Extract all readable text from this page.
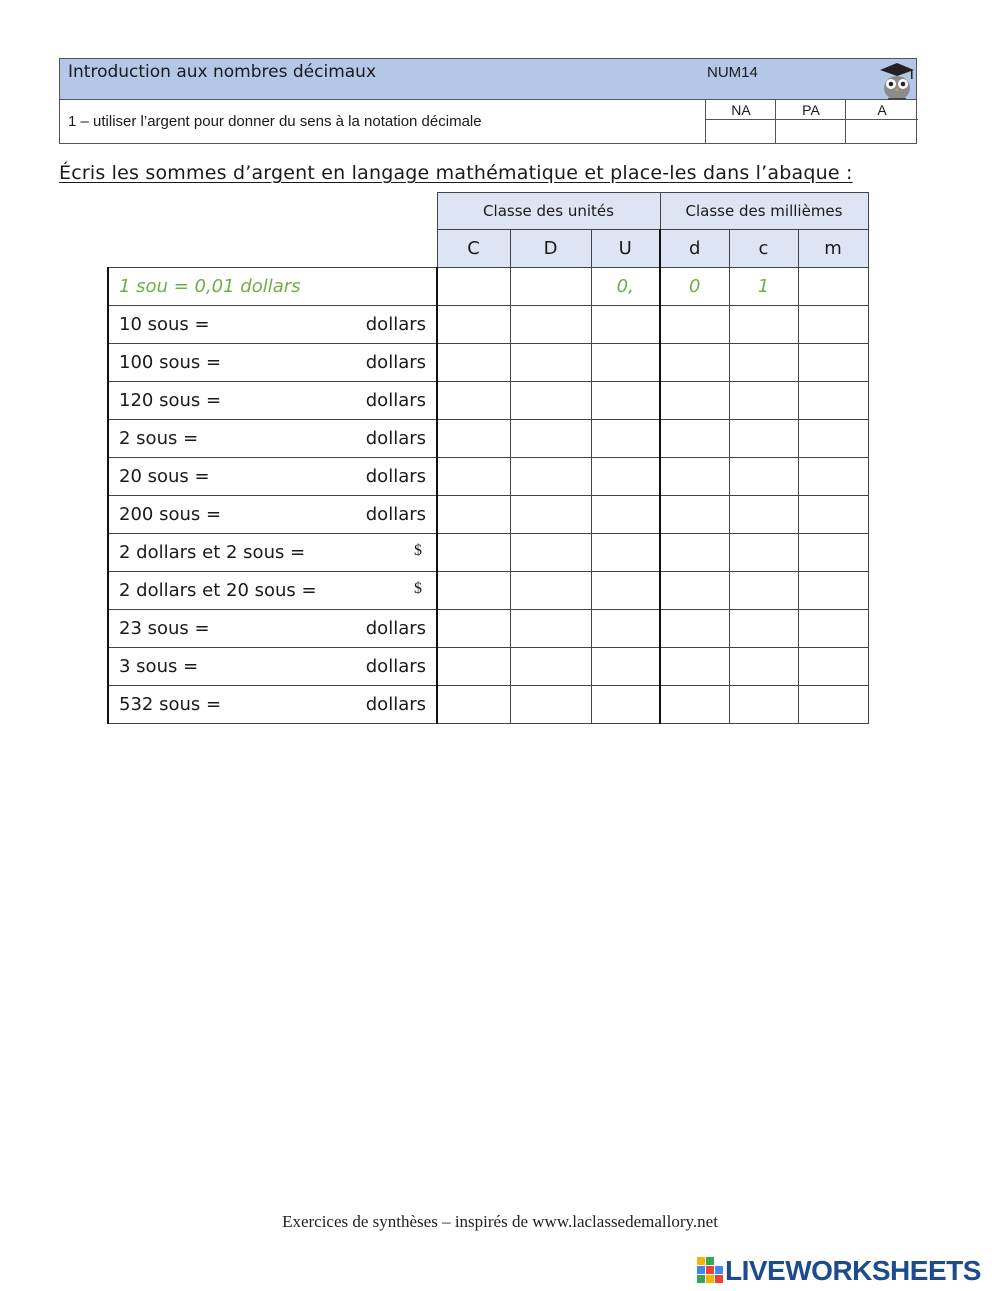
Introduction aux nombres décimaux	NUM14
1 – utiliser l’argent pour donner du sens à la notation décimale
NA	PA	A
Écris les sommes d’argent en langage mathématique et place-les dans l’abaque :
	Classe des unités			Classe des millièmes		
	C	D	U	d	c	m
1 sou = 0,01 dollars			0,	0	1	

10 sous = dollars						

100 sous = dollars						

120 sous = dollars						

2 sous = dollars						

20 sous = dollars						

200 sous = dollars						

2 dollars et 2 sous = $						

2 dollars et 20 sous = $						

23 sous = dollars						

3 sous = dollars						

532 sous = dollars						

Exercices de synthèses – inspirés de www.laclassedemallory.net
LIVEWORKSHEETS
